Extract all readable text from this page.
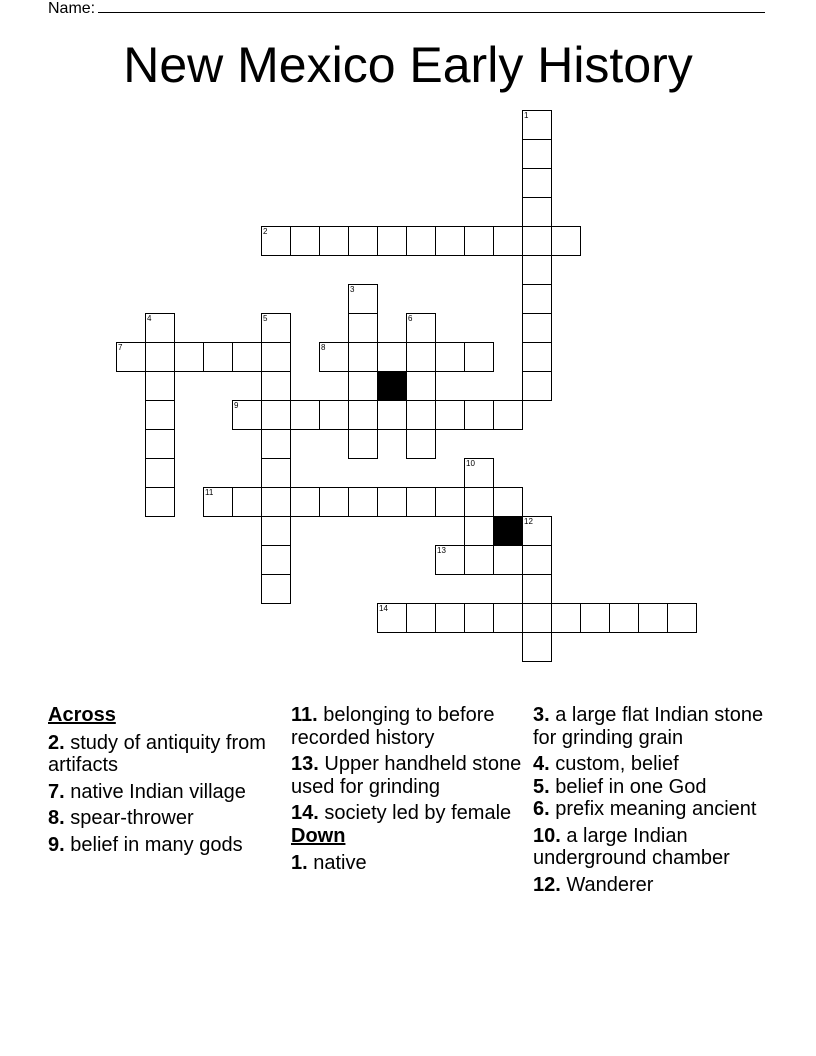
Name:
New Mexico Early History
1
2
3
4	5	6
7	8
9
10
11
12
13
14
Across
2. study of antiquity from artifacts
7. native Indian village
8. spear-thrower
9. belief in many gods
11. belonging to before recorded history
13. Upper handheld stone used for grinding
14. society led by female
Down
1. native
3. a large flat Indian stone for grinding grain
4. custom, belief
5. belief in one God
6. prefix meaning ancient
10. a large Indian underground chamber
12. Wanderer
